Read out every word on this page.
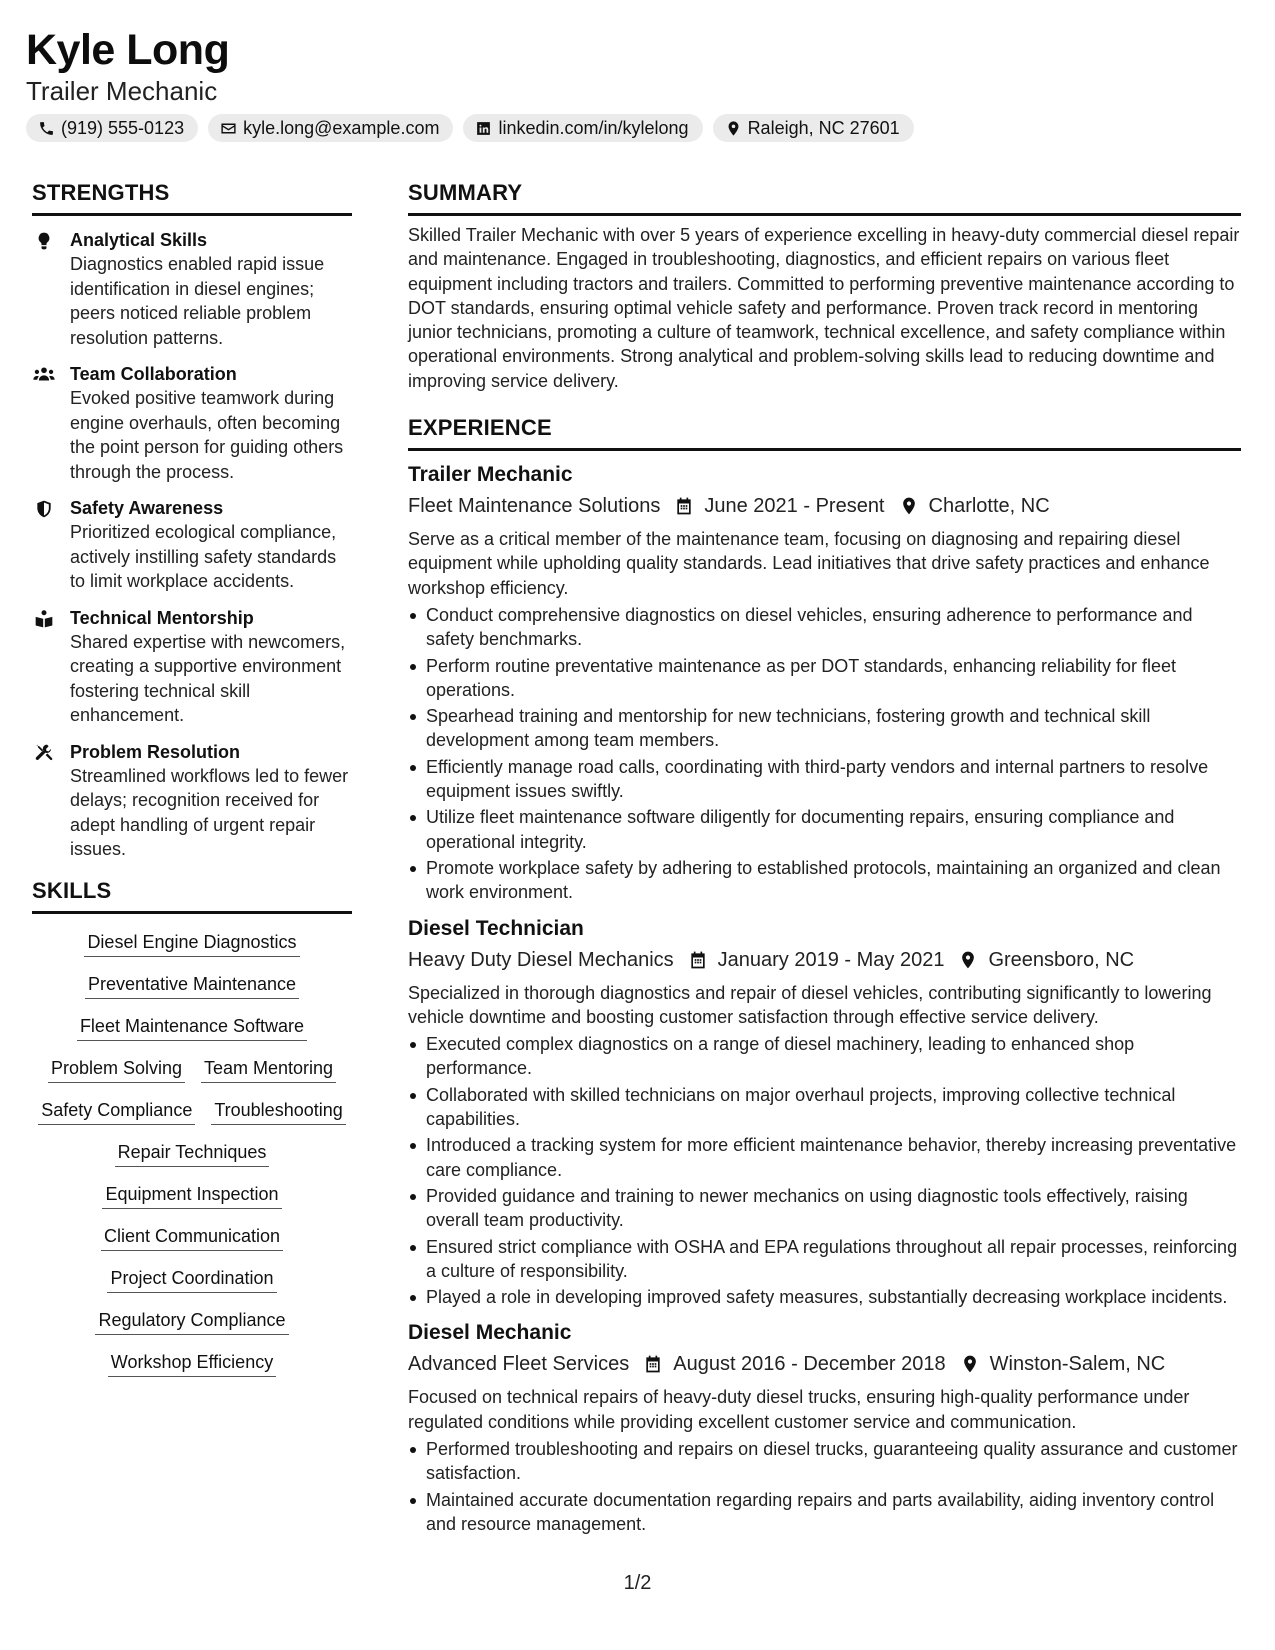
Kyle Long
Trailer Mechanic
(919) 555-0123	kyle.long@example.com	linkedin.com/in/kylelong	Raleigh, NC 27601
STRENGTHS
Analytical Skills
Diagnostics enabled rapid issue identification in diesel engines; peers noticed reliable problem resolution patterns.
Team Collaboration
Evoked positive teamwork during engine overhauls, often becoming the point person for guiding others through the process.
Safety Awareness
Prioritized ecological compliance, actively instilling safety standards to limit workplace accidents.
Technical Mentorship
Shared expertise with newcomers, creating a supportive environment fostering technical skill enhancement.
Problem Resolution
Streamlined workflows led to fewer delays; recognition received for adept handling of urgent repair issues.
SKILLS
Diesel Engine Diagnostics
Preventative Maintenance
Fleet Maintenance Software
Problem Solving Team Mentoring
Safety Compliance Troubleshooting
Repair Techniques
Equipment Inspection
Client Communication
Project Coordination
Regulatory Compliance
Workshop Efficiency
SUMMARY
Skilled Trailer Mechanic with over 5 years of experience excelling in heavy-duty commercial diesel repair and maintenance. Engaged in troubleshooting, diagnostics, and efficient repairs on various fleet equipment including tractors and trailers. Committed to performing preventive maintenance according to DOT standards, ensuring optimal vehicle safety and performance. Proven track record in mentoring junior technicians, promoting a culture of teamwork, technical excellence, and safety compliance within operational environments. Strong analytical and problem-solving skills lead to reducing downtime and improving service delivery.
EXPERIENCE
Trailer Mechanic
Fleet Maintenance Solutions June 2021 - Present Charlotte, NC
Serve as a critical member of the maintenance team, focusing on diagnosing and repairing diesel equipment while upholding quality standards. Lead initiatives that drive safety practices and enhance workshop efficiency.
Conduct comprehensive diagnostics on diesel vehicles, ensuring adherence to performance and safety benchmarks.
Perform routine preventative maintenance as per DOT standards, enhancing reliability for fleet operations.
Spearhead training and mentorship for new technicians, fostering growth and technical skill development among team members.
Efficiently manage road calls, coordinating with third-party vendors and internal partners to resolve equipment issues swiftly.
Utilize fleet maintenance software diligently for documenting repairs, ensuring compliance and operational integrity.
Promote workplace safety by adhering to established protocols, maintaining an organized and clean work environment.
Diesel Technician
Heavy Duty Diesel Mechanics January 2019 - May 2021 Greensboro, NC
Specialized in thorough diagnostics and repair of diesel vehicles, contributing significantly to lowering vehicle downtime and boosting customer satisfaction through effective service delivery.
Executed complex diagnostics on a range of diesel machinery, leading to enhanced shop performance.
Collaborated with skilled technicians on major overhaul projects, improving collective technical capabilities.
Introduced a tracking system for more efficient maintenance behavior, thereby increasing preventative care compliance.
Provided guidance and training to newer mechanics on using diagnostic tools effectively, raising overall team productivity.
Ensured strict compliance with OSHA and EPA regulations throughout all repair processes, reinforcing a culture of responsibility.
Played a role in developing improved safety measures, substantially decreasing workplace incidents.
Diesel Mechanic
Advanced Fleet Services August 2016 - December 2018 Winston-Salem, NC
Focused on technical repairs of heavy-duty diesel trucks, ensuring high-quality performance under regulated conditions while providing excellent customer service and communication.
Performed troubleshooting and repairs on diesel trucks, guaranteeing quality assurance and customer satisfaction.
Maintained accurate documentation regarding repairs and parts availability, aiding inventory control and resource management.
1/2
